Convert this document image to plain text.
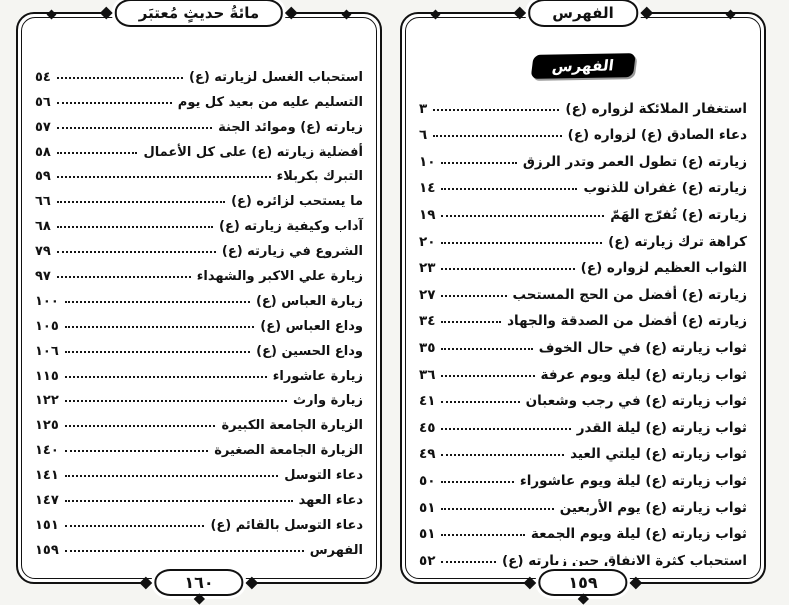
مائةُ حديثٍ مُعتبَر
استحباب الغسل لزيارته (ع)
٥٤
التسليم عليه من بعيد كل يوم
٥٦
زيارته (ع) وموائد الجنة
٥٧
أفضلية زيارته (ع) على كل الأعمال
٥٨
التبرك بكربلاء
٥٩
ما يستحب لزائره (ع)
٦٦
آداب وكيفية زيارته (ع)
٦٨
الشروع في زيارته (ع)
٧٩
زيارة علي الاكبر والشهداء
٩٧
زيارة العباس (ع)
١٠٠
وداع العباس (ع)
١٠٥
وداع الحسين (ع)
١٠٦
زيارة عاشوراء
١١٥
زيارة وارث
١٢٢
الزيارة الجامعة الكبيرة
١٢٥
الزيارة الجامعة الصغيرة
١٤٠
دعاء التوسل
١٤١
دعاء العهد
١٤٧
دعاء التوسل بالقائم (ع)
١٥١
الفهرس
١٥٩
١٦٠
الفهرس
الفهرس
استغفار الملائكة لزواره (ع)
٣
دعاء الصادق (ع) لزواره (ع)
٦
زيارته (ع) تطول العمر وتدر الرزق
١٠
زيارته (ع) غفران للذنوب
١٤
زيارته (ع) تُفرّج الهَمّ
١٩
كراهة ترك زيارته (ع)
٢٠
الثواب العظيم لزواره (ع)
٢٣
زيارته (ع) أفضل من الحج المستحب
٢٧
زيارته (ع) أفضل من الصدقة والجهاد
٣٤
ثواب زيارته (ع) في حال الخوف
٣٥
ثواب زيارته (ع) ليلة ويوم عرفة
٣٦
ثواب زيارته (ع) في رجب وشعبان
٤١
ثواب زيارته (ع) ليلة القدر
٤٥
ثواب زيارته (ع) ليلتي العيد
٤٩
ثواب زيارته (ع) ليلة ويوم عاشوراء
٥٠
ثواب زيارته (ع) يوم الأربعين
٥١
ثواب زيارته (ع) ليلة ويوم الجمعة
٥١
استحباب كثرة الانفاق حين زيارته (ع)
٥٢
١٥٩
